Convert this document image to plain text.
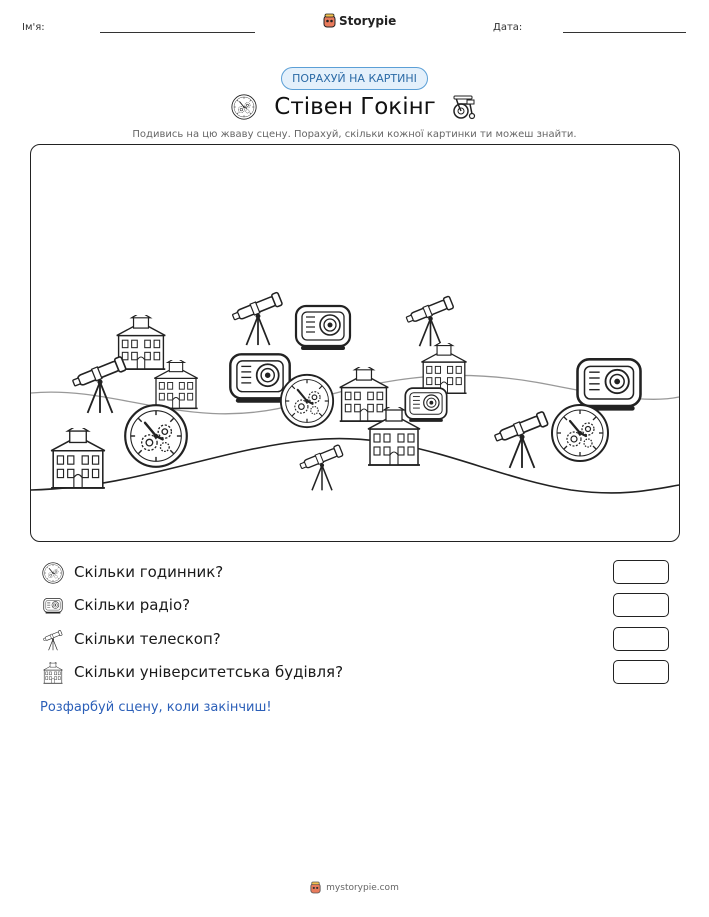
Ім'я:	Storypie	Дата:
ПОРАХУЙ НА КАРТИНІ
Стівен Гокінг
Подивись на цю жваву сцену. Порахуй, скільки кожної картинки ти можеш знайти.
Скільки годинник?
Скільки радіо?
Скільки телескоп?
Скільки університетська будівля?
Розфарбуй сцену, коли закінчиш!
mystorypie.com
